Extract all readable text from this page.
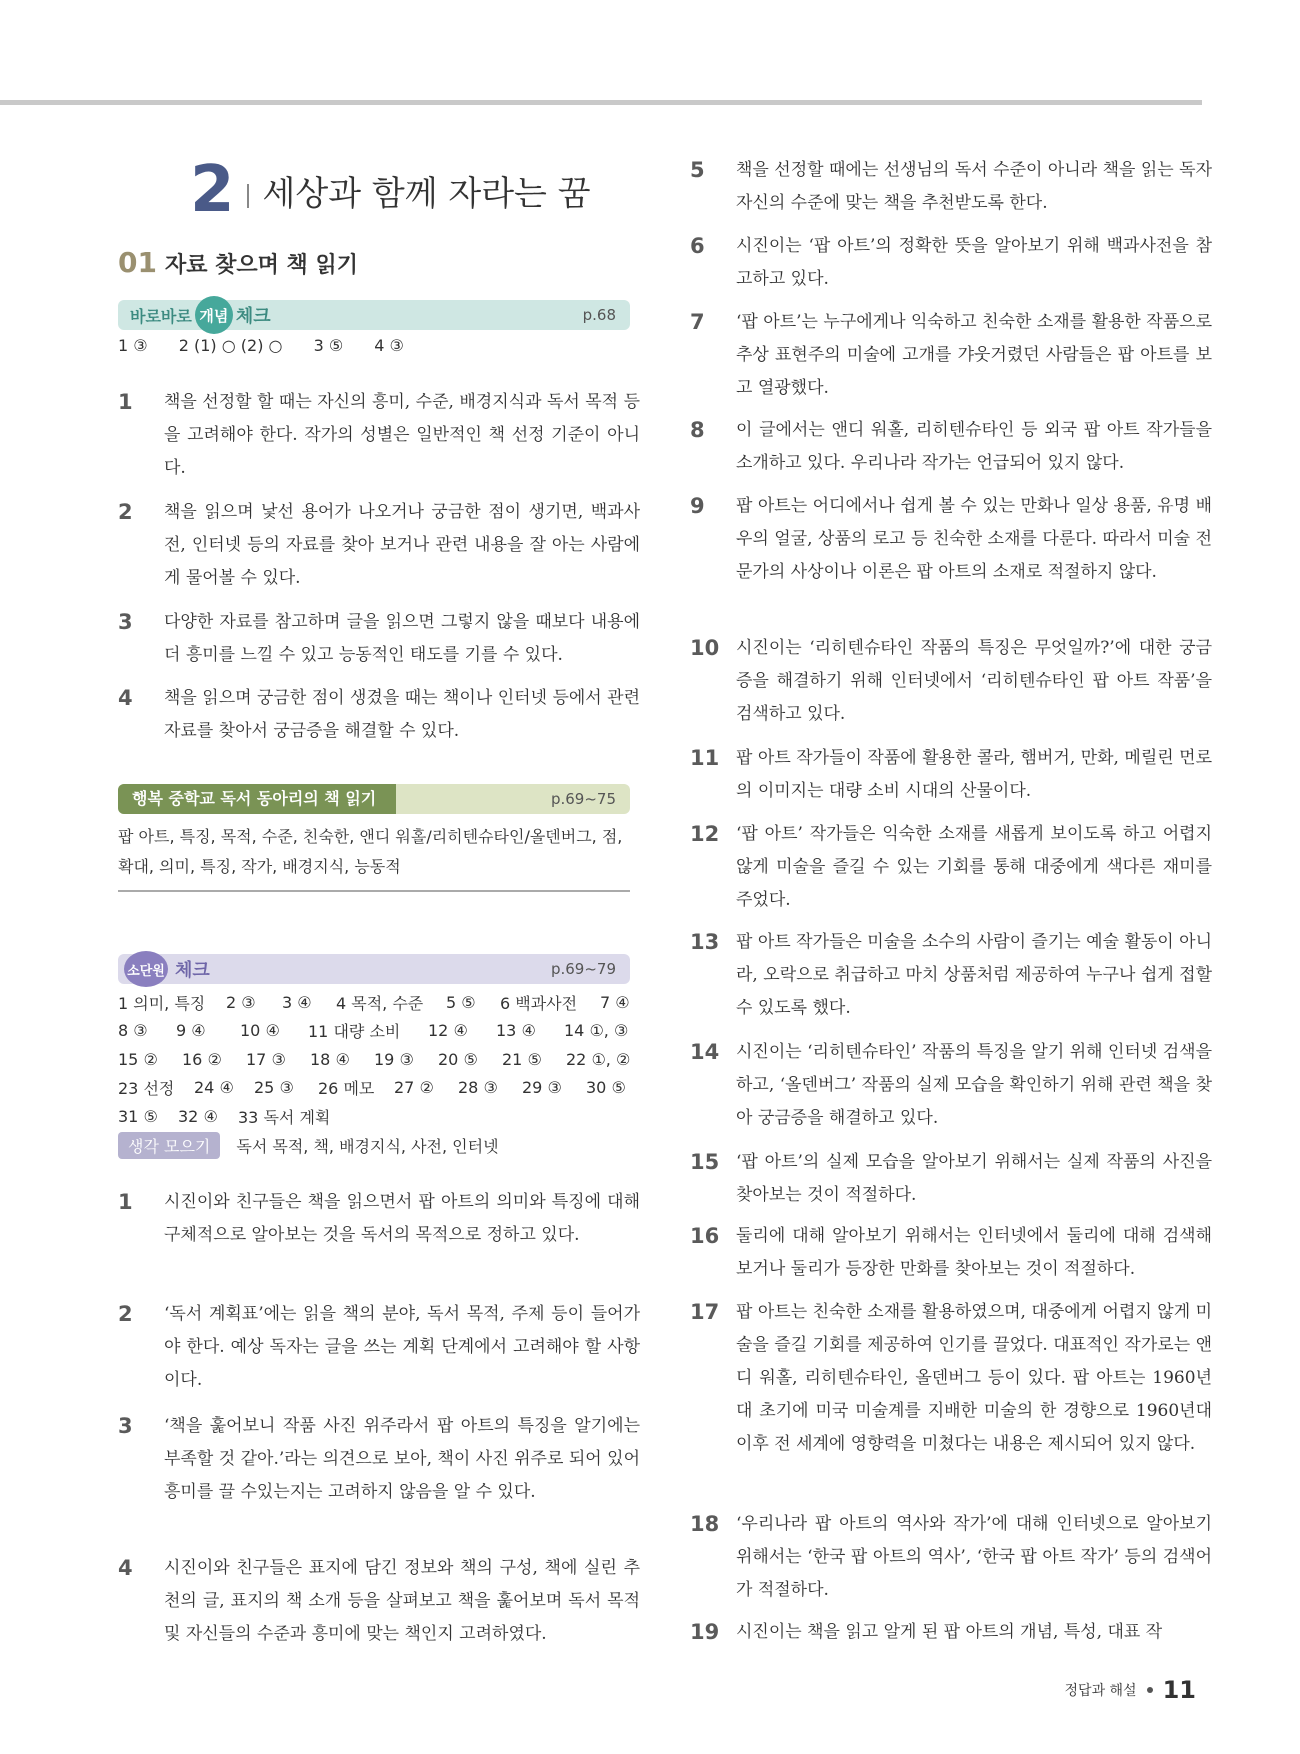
2 세상과 함께 자라는 꿈
01 자료 찾으며 책 읽기
바로바로 개념 체크	p.68
1 ③ 2 (1) ○ (2) ○ 3 ⑤ 4 ③
1	책을 선정할 할 때는 자신의 흥미, 수준, 배경지식과 독서 목적 등을 고려해야 한다. 작가의 성별은 일반적인 책 선정 기준이 아니다.
2	책을 읽으며 낯선 용어가 나오거나 궁금한 점이 생기면, 백과사전, 인터넷 등의 자료를 찾아 보거나 관련 내용을 잘 아는 사람에게 물어볼 수 있다.
3	다양한 자료를 참고하며 글을 읽으면 그렇지 않을 때보다 내용에 더 흥미를 느낄 수 있고 능동적인 태도를 기를 수 있다.
4	책을 읽으며 궁금한 점이 생겼을 때는 책이나 인터넷 등에서 관련 자료를 찾아서 궁금증을 해결할 수 있다.
행복 중학교 독서 동아리의 책 읽기	p.69~75
팝 아트, 특징, 목적, 수준, 친숙한, 앤디 워홀/리히텐슈타인/올덴버그, 점, 확대, 의미, 특징, 작가, 배경지식, 능동적
소단원 체크	p.69~79
1 의미, 특징	2 ③	3 ④	4 목적, 수준	5 ⑤	6 백과사전	7 ④
8 ③	9 ④	10 ④	11 대량 소비	12 ④	13 ④	14 ①, ③
15 ②	16 ②	17 ③	18 ④	19 ③	20 ⑤	21 ⑤	22 ①, ②
23 선정	24 ④	25 ③	26 메모	27 ②	28 ③	29 ③	30 ⑤
31 ⑤	32 ④	33 독서 계획
생각 모으기	독서 목적, 책, 배경지식, 사전, 인터넷
1	시진이와 친구들은 책을 읽으면서 팝 아트의 의미와 특징에 대해 구체적으로 알아보는 것을 독서의 목적으로 정하고 있다.
2	‘독서 계획표’에는 읽을 책의 분야, 독서 목적, 주제 등이 들어가야 한다. 예상 독자는 글을 쓰는 계획 단계에서 고려해야 할 사항이다.
3	‘책을 훑어보니 작품 사진 위주라서 팝 아트의 특징을 알기에는 부족할 것 같아.’라는 의견으로 보아, 책이 사진 위주로 되어 있어 흥미를 끌 수있는지는 고려하지 않음을 알 수 있다.
4	시진이와 친구들은 표지에 담긴 정보와 책의 구성, 책에 실린 추천의 글, 표지의 책 소개 등을 살펴보고 책을 훑어보며 독서 목적 및 자신들의 수준과 흥미에 맞는 책인지 고려하였다.
5	책을 선정할 때에는 선생님의 독서 수준이 아니라 책을 읽는 독자 자신의 수준에 맞는 책을 추천받도록 한다.
6	시진이는 ‘팝 아트’의 정확한 뜻을 알아보기 위해 백과사전을 참고하고 있다.
7	‘팝 아트’는 누구에게나 익숙하고 친숙한 소재를 활용한 작품으로 추상 표현주의 미술에 고개를 갸웃거렸던 사람들은 팝 아트를 보고 열광했다.
8	이 글에서는 앤디 워홀, 리히텐슈타인 등 외국 팝 아트 작가들을 소개하고 있다. 우리나라 작가는 언급되어 있지 않다.
9	팝 아트는 어디에서나 쉽게 볼 수 있는 만화나 일상 용품, 유명 배우의 얼굴, 상품의 로고 등 친숙한 소재를 다룬다. 따라서 미술 전문가의 사상이나 이론은 팝 아트의 소재로 적절하지 않다.
10 시진이는 ‘리히텐슈타인 작품의 특징은 무엇일까?’에 대한 궁금증을 해결하기 위해 인터넷에서 ‘리히텐슈타인 팝 아트 작품’을 검색하고 있다.
11 팝 아트 작가들이 작품에 활용한 콜라, 햄버거, 만화, 메릴린 먼로의 이미지는 대량 소비 시대의 산물이다.
12 ‘팝 아트’ 작가들은 익숙한 소재를 새롭게 보이도록 하고 어렵지 않게 미술을 즐길 수 있는 기회를 통해 대중에게 색다른 재미를 주었다.
13 팝 아트 작가들은 미술을 소수의 사람이 즐기는 예술 활동이 아니라, 오락으로 취급하고 마치 상품처럼 제공하여 누구나 쉽게 접할 수 있도록 했다.
14 시진이는 ‘리히텐슈타인’ 작품의 특징을 알기 위해 인터넷 검색을 하고, ‘올덴버그’ 작품의 실제 모습을 확인하기 위해 관련 책을 찾아 궁금증을 해결하고 있다.
15 ‘팝 아트’의 실제 모습을 알아보기 위해서는 실제 작품의 사진을 찾아보는 것이 적절하다.
16 둘리에 대해 알아보기 위해서는 인터넷에서 둘리에 대해 검색해 보거나 둘리가 등장한 만화를 찾아보는 것이 적절하다.
17 팝 아트는 친숙한 소재를 활용하였으며, 대중에게 어렵지 않게 미술을 즐길 기회를 제공하여 인기를 끌었다. 대표적인 작가로는 앤디 워홀, 리히텐슈타인, 올덴버그 등이 있다. 팝 아트는 1960년대 초기에 미국 미술계를 지배한 미술의 한 경향으로 1960년대 이후 전 세계에 영향력을 미쳤다는 내용은 제시되어 있지 않다.
18 ‘우리나라 팝 아트의 역사와 작가’에 대해 인터넷으로 알아보기 위해서는 ‘한국 팝 아트의 역사’, ‘한국 팝 아트 작가’ 등의 검색어가 적절하다.
19 시진이는 책을 읽고 알게 된 팝 아트의 개념, 특성, 대표 작
정답과 해설 11
